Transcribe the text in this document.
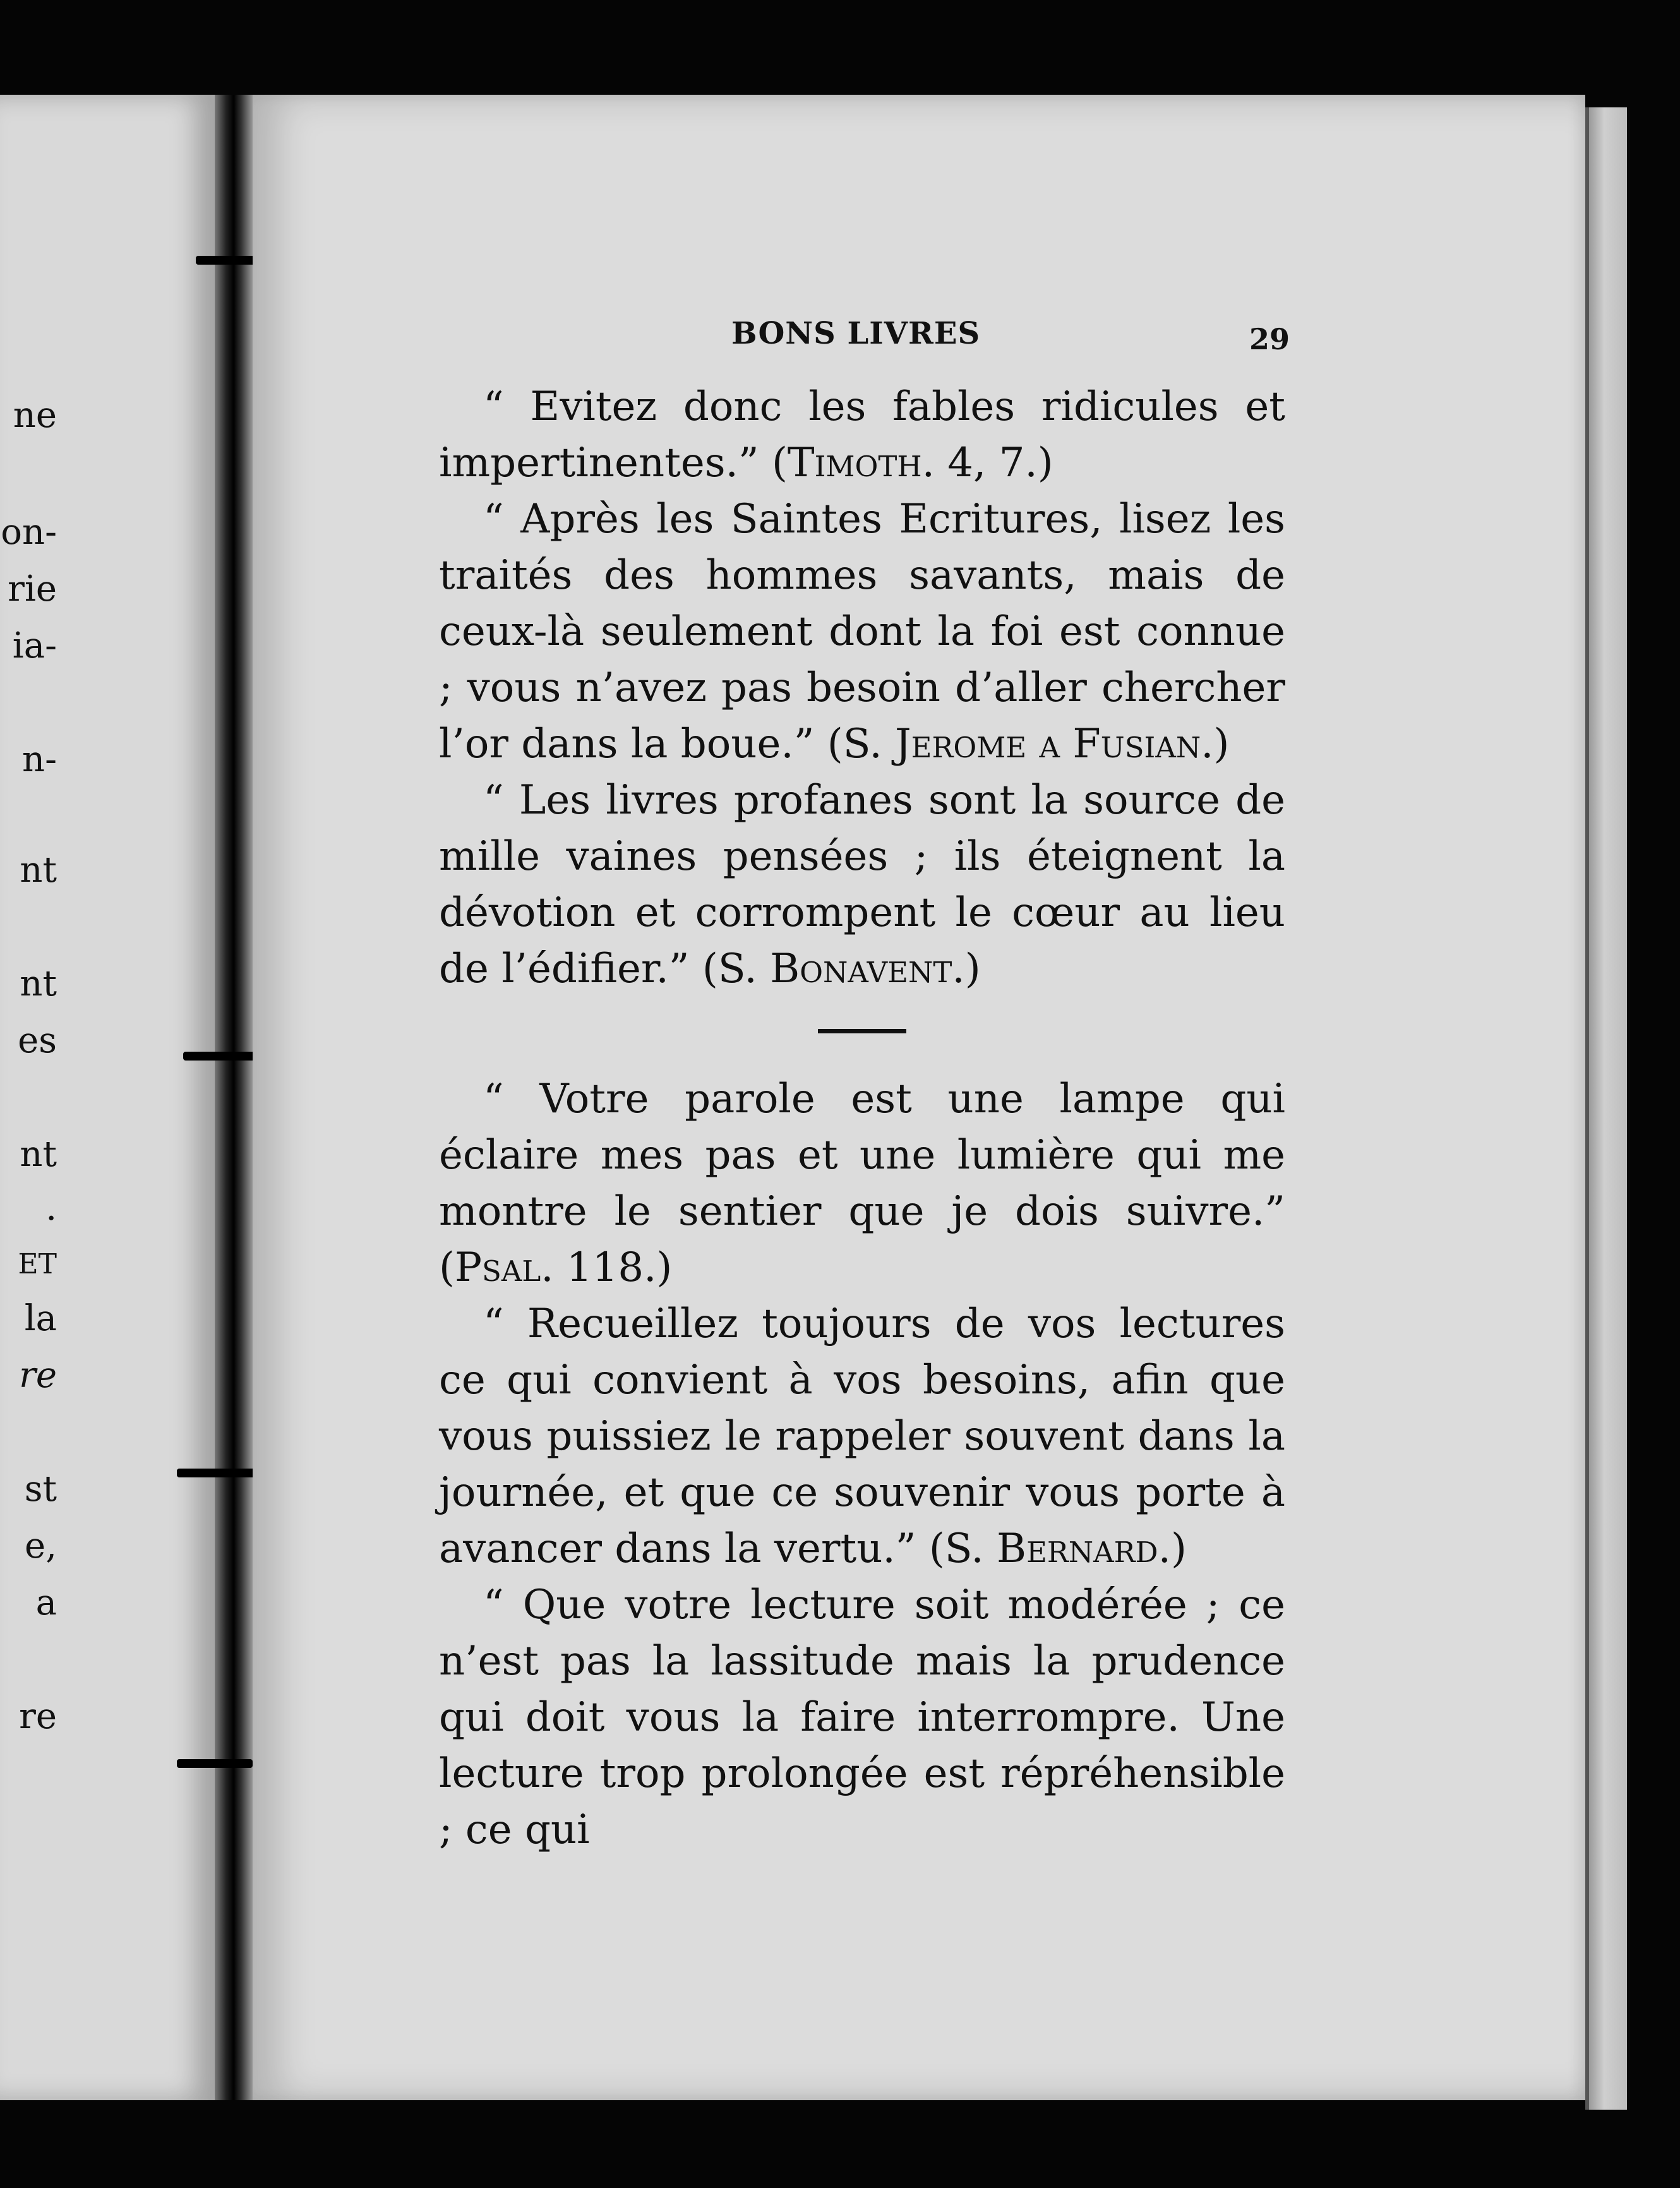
ne
on-
rie
ia-
n-
nt
nt
es
nt
.
ET
la
re
st
e,
a
re
BONS LIVRES	29

“ Evitez donc les fables ridicules et impertinentes.” (Timoth. 4, 7.)

“ Après les Saintes Ecritures, lisez les traités des hommes savants, mais de ceux-là seulement dont la foi est connue ; vous n’avez pas besoin d’aller chercher l’or dans la boue.” (S. Jerome a Fusian.)

“ Les livres profanes sont la source de mille vaines pensées ; ils éteignent la dévotion et corrompent le cœur au lieu de l’édifier.” (S. Bonavent.)

“ Votre parole est une lampe qui éclaire mes pas et une lumière qui me montre le sentier que je dois suivre.” (Psal. 118.)

“ Recueillez toujours de vos lectures ce qui convient à vos besoins, afin que vous puissiez le rappeler souvent dans la journée, et que ce souvenir vous porte à avancer dans la vertu.” (S. Bernard.)

“ Que votre lecture soit modérée ; ce n’est pas la lassitude mais la prudence qui doit vous la faire interrompre. Une lecture trop prolongée est répréhensible ; ce qui
